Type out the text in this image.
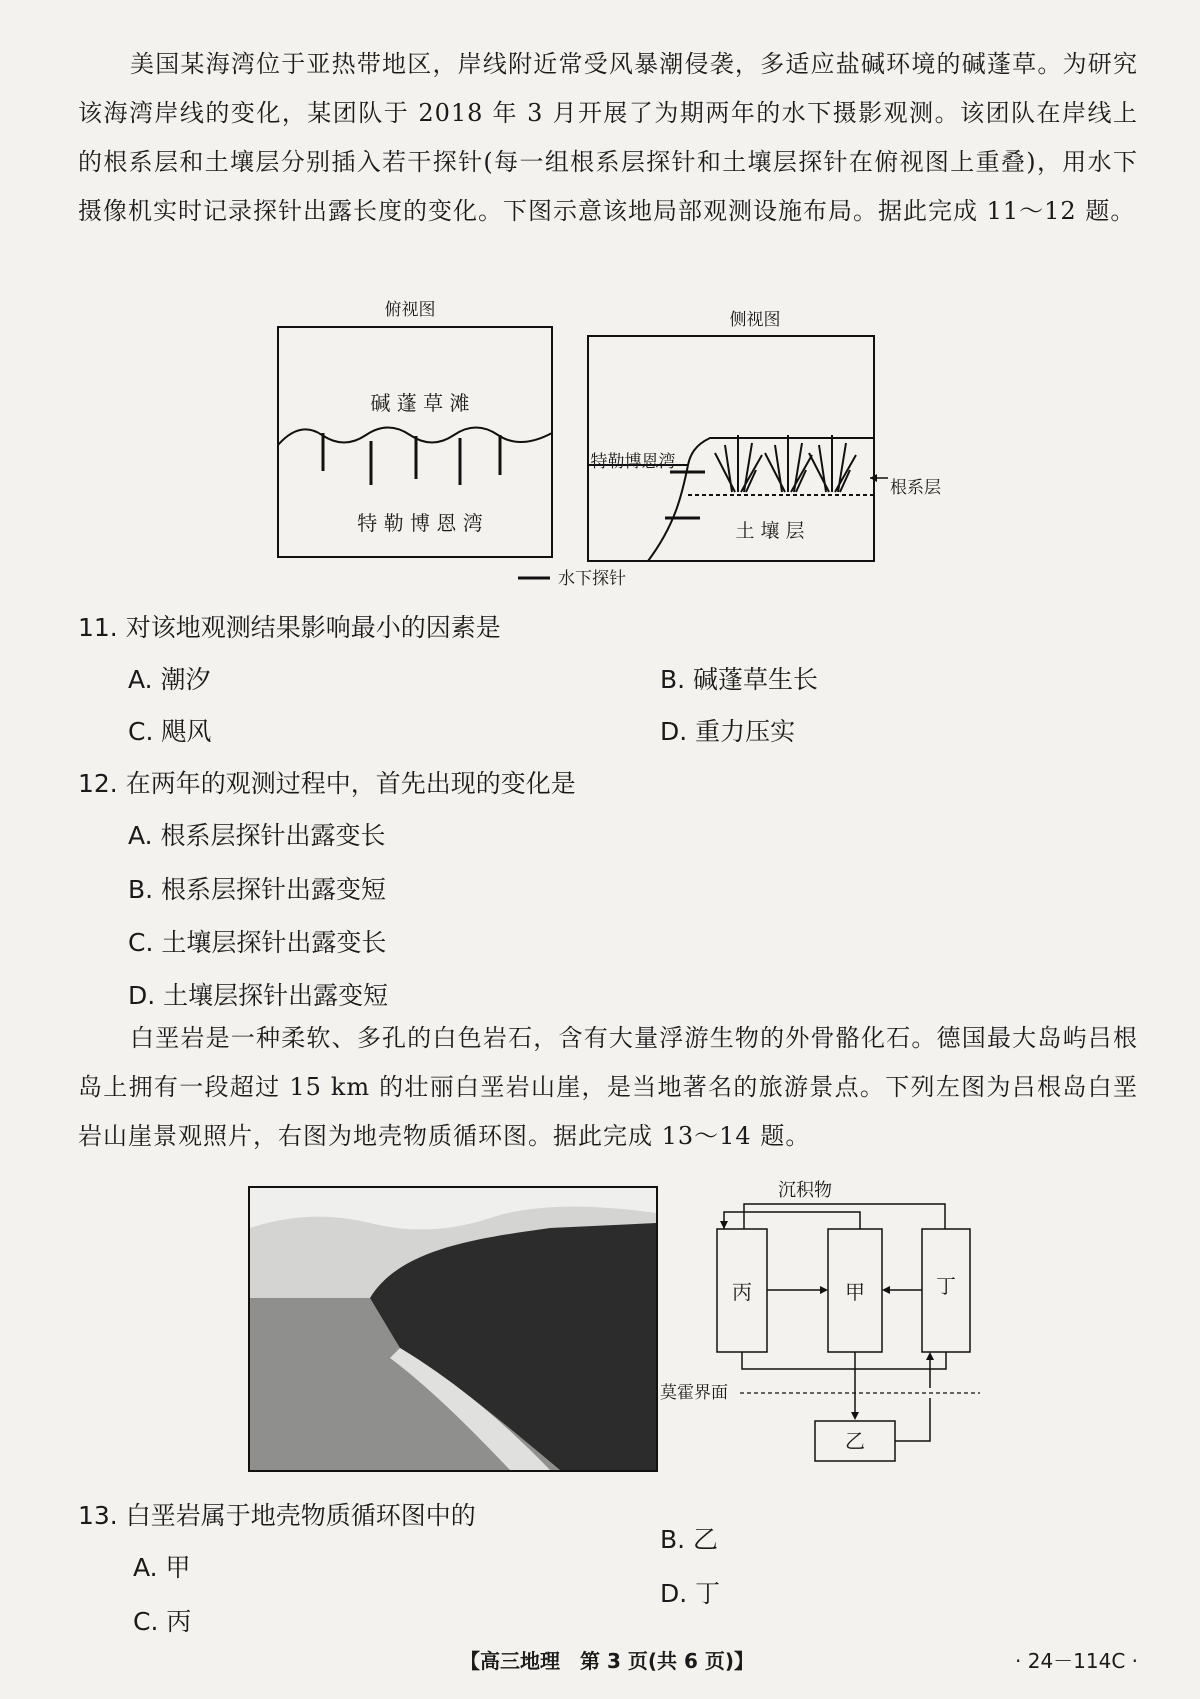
美国某海湾位于亚热带地区，岸线附近常受风暴潮侵袭，多适应盐碱环境的碱蓬草。为研究该海湾岸线的变化，某团队于 2018 年 3 月开展了为期两年的水下摄影观测。该团队在岸线上的根系层和土壤层分别插入若干探针(每一组根系层探针和土壤层探针在俯视图上重叠)，用水下摄像机实时记录探针出露长度的变化。下图示意该地局部观测设施布局。据此完成 11～12 题。
俯视图
碱 蓬 草 滩
特 勒 博 恩 湾
侧视图
特勒博恩湾
土 壤 层
水下探针
根系层
11. 对该地观测结果影响最小的因素是
A. 潮汐	B. 碱蓬草生长
C. 飓风	D. 重力压实
12. 在两年的观测过程中，首先出现的变化是
A. 根系层探针出露变长
B. 根系层探针出露变短
C. 土壤层探针出露变长
D. 土壤层探针出露变短
白垩岩是一种柔软、多孔的白色岩石，含有大量浮游生物的外骨骼化石。德国最大岛屿吕根岛上拥有一段超过 15 km 的壮丽白垩岩山崖，是当地著名的旅游景点。下列左图为吕根岛白垩岩山崖景观照片，右图为地壳物质循环图。据此完成 13～14 题。
沉积物
丙	甲	丁
莫霍界面
乙
13. 白垩岩属于地壳物质循环图中的
A. 甲
B. 乙
C. 丙
D. 丁
【高三地理　第 3 页(共 6 页)】	· 24－114C ·
